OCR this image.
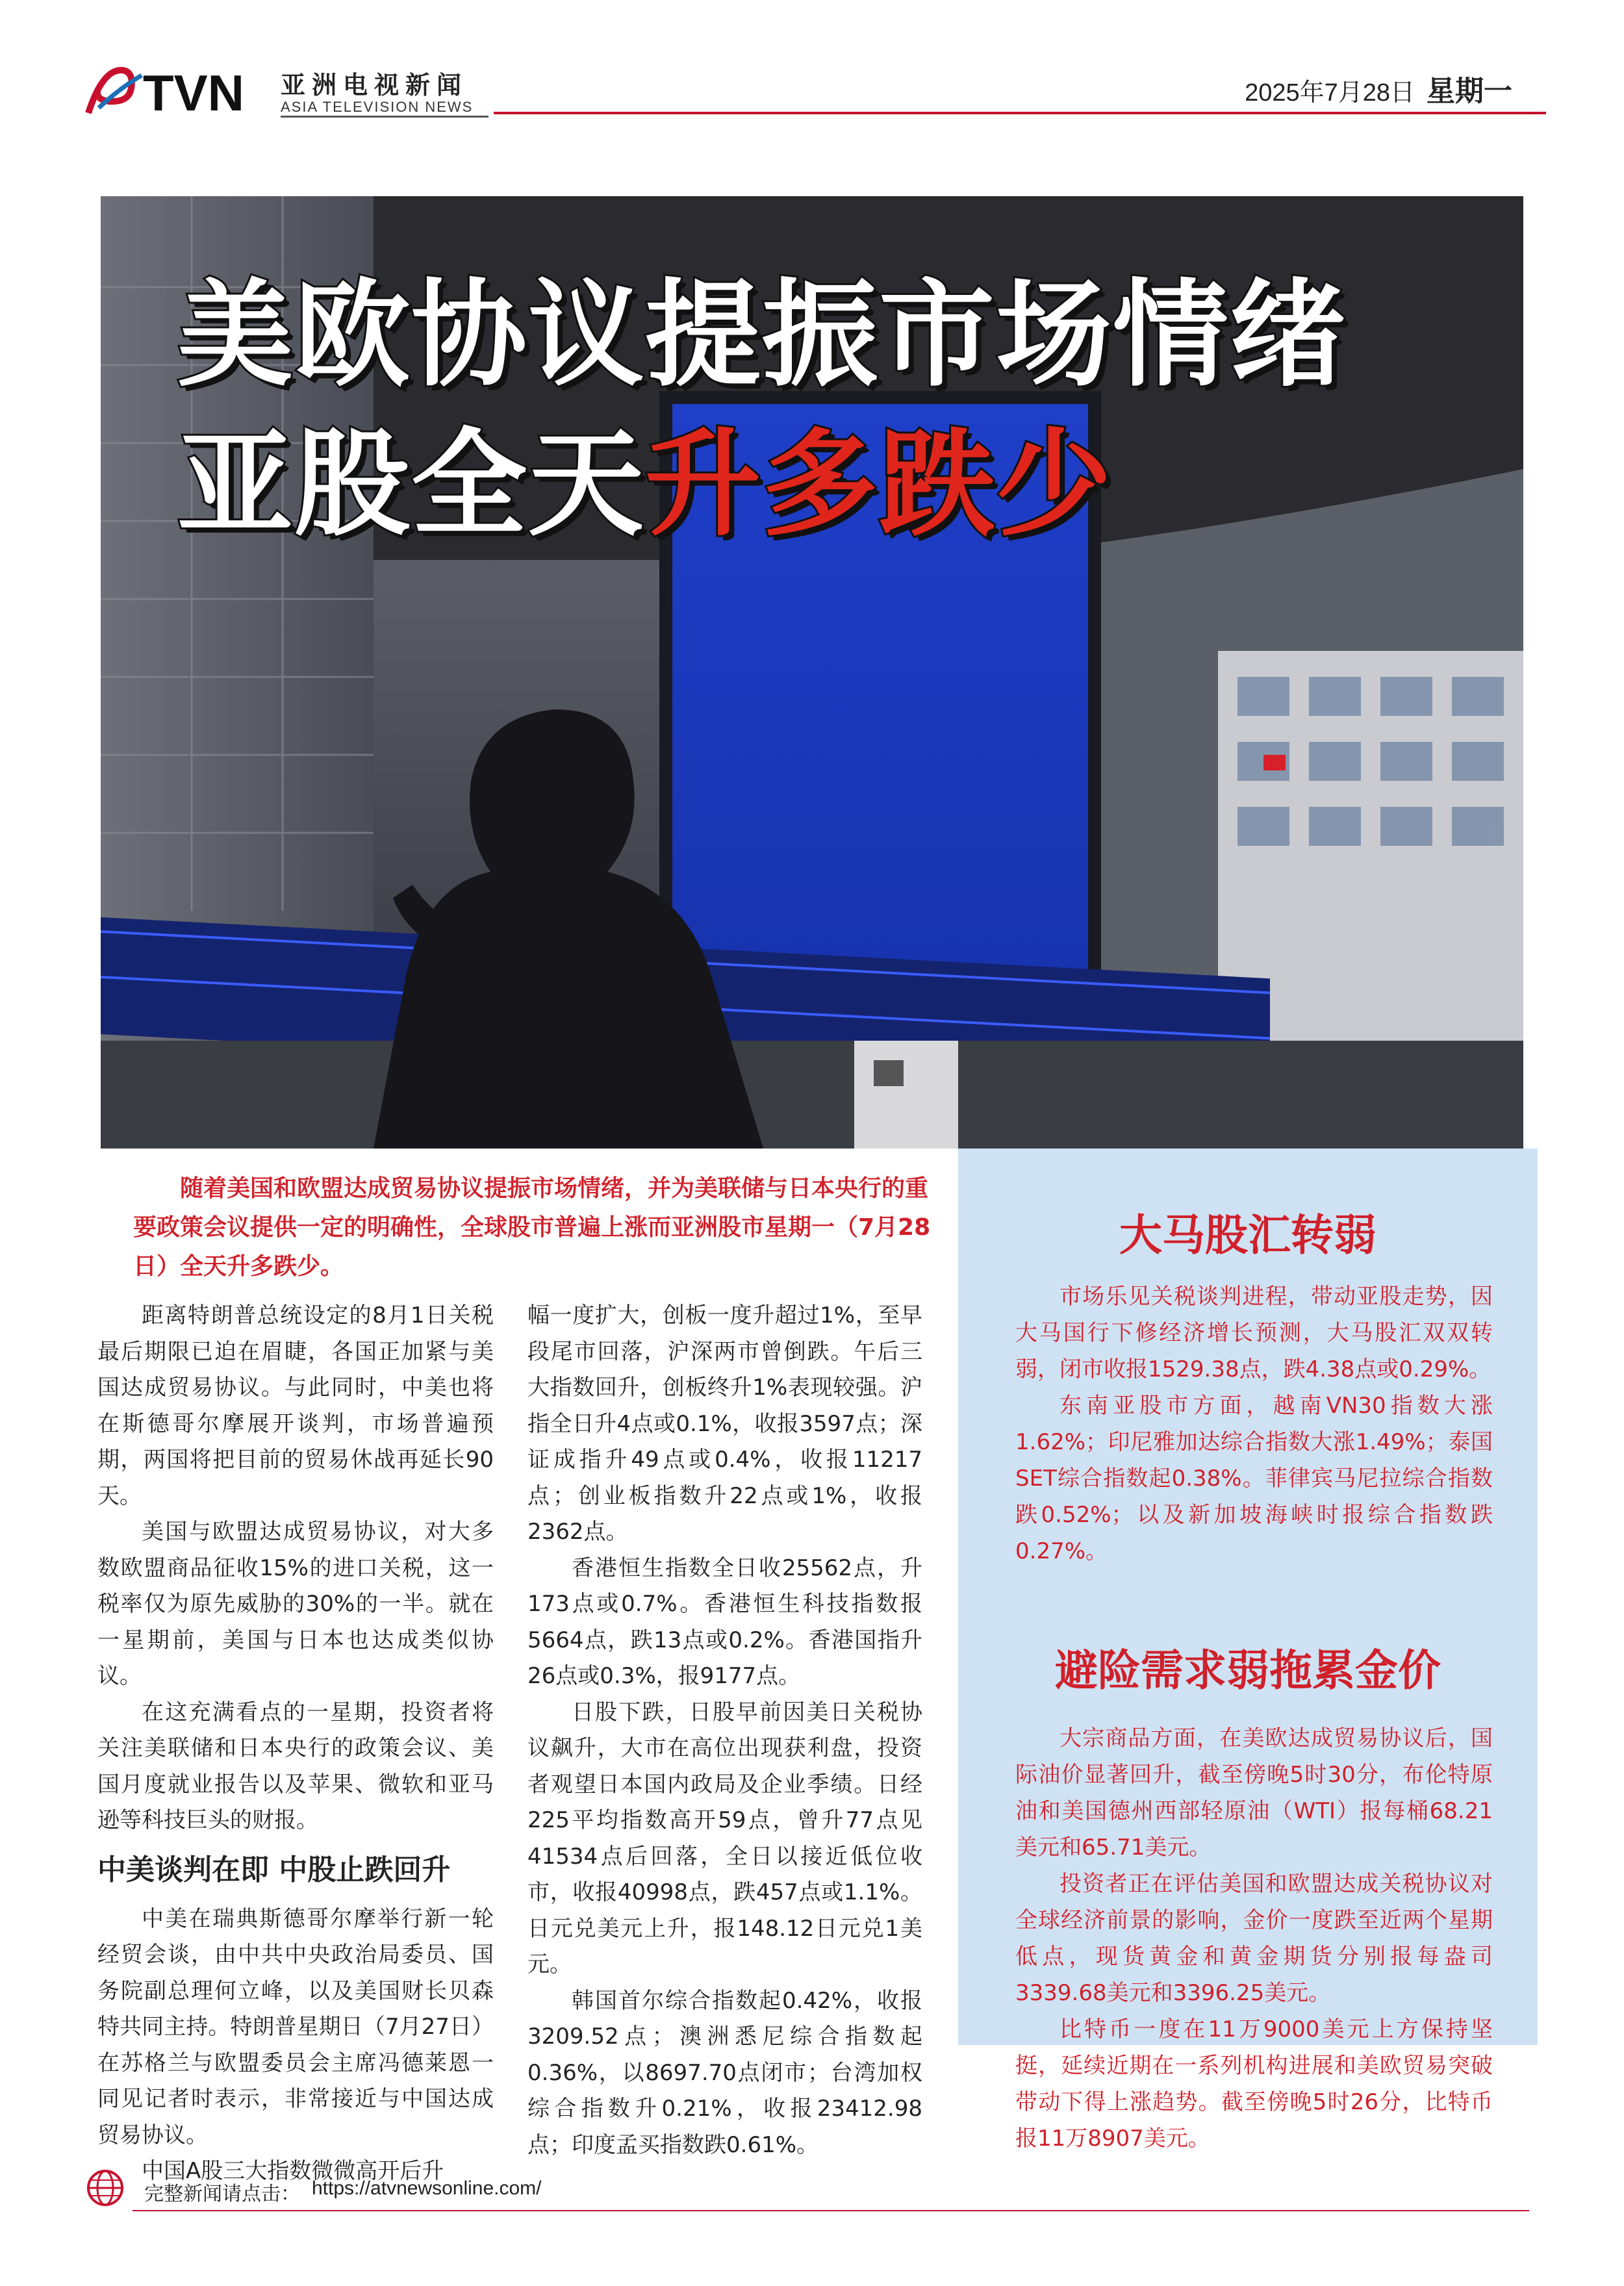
TVN 亚洲电视新闻
ASIA TELEVISION NEWS
2025年7月28日 星期一
美欧协议提振市场情绪
亚股全天升多跌少
随着美国和欧盟达成贸易协议提振市场情绪，并为美联储与日本央行的重要政策会议提供一定的明确性，全球股市普遍上涨而亚洲股市星期一（7月28日）全天升多跌少。

距离特朗普总统设定的8月1日关税最后期限已迫在眉睫，各国正加紧与美国达成贸易协议。与此同时，中美也将在斯德哥尔摩展开谈判，市场普遍预期，两国将把目前的贸易休战再延长90天。

美国与欧盟达成贸易协议，对大多数欧盟商品征收15%的进口关税，这一税率仅为原先威胁的30%的一半。就在一星期前，美国与日本也达成类似协议。

在这充满看点的一星期，投资者将关注美联储和日本央行的政策会议、美国月度就业报告以及苹果、微软和亚马逊等科技巨头的财报。

中美谈判在即 中股止跌回升

中美在瑞典斯德哥尔摩举行新一轮经贸会谈，由中共中央政治局委员、国务院副总理何立峰，以及美国财长贝森特共同主持。特朗普星期日（7月27日）在苏格兰与欧盟委员会主席冯德莱恩一同见记者时表示，非常接近与中国达成贸易协议。

中国A股三大指数微微高开后升

幅一度扩大，创板一度升超过1%，至早段尾市回落，沪深两市曾倒跌。午后三大指数回升，创板终升1%表现较强。沪指全日升4点或0.1%，收报3597点；深证成指升49点或0.4%，收报11217点；创业板指数升22点或1%，收报2362点。

香港恒生指数全日收25562点，升173点或0.7%。香港恒生科技指数报5664点，跌13点或0.2%。香港国指升26点或0.3%，报9177点。

日股下跌，日股早前因美日关税协议飙升，大市在高位出现获利盘，投资者观望日本国内政局及企业季绩。日经225平均指数高开59点，曾升77点见41534点后回落，全日以接近低位收市，收报40998点，跌457点或1.1%。日元兑美元上升，报148.12日元兑1美元。

韩国首尔综合指数起0.42%，收报3209.52点；澳洲悉尼综合指数起0.36%，以8697.70点闭市；台湾加权综合指数升0.21%，收报23412.98点；印度孟买指数跌0.61%。

大马股汇转弱

市场乐见关税谈判进程，带动亚股走势，因大马国行下修经济增长预测，大马股汇双双转弱，闭市收报1529.38点，跌4.38点或0.29%。

东南亚股市方面，越南VN30指数大涨1.62%；印尼雅加达综合指数大涨1.49%；泰国SET综合指数起0.38%。菲律宾马尼拉综合指数跌0.52%；以及新加坡海峡时报综合指数跌0.27%。

避险需求弱拖累金价

大宗商品方面，在美欧达成贸易协议后，国际油价显著回升，截至傍晚5时30分，布伦特原油和美国德州西部轻原油（WTI）报每桶68.21美元和65.71美元。

投资者正在评估美国和欧盟达成关税协议对全球经济前景的影响，金价一度跌至近两个星期低点，现货黄金和黄金期货分别报每盎司3339.68美元和3396.25美元。

比特币一度在11万9000美元上方保持坚挺，延续近期在一系列机构进展和美欧贸易突破带动下得上涨趋势。截至傍晚5时26分，比特币报11万8907美元。

完整新闻请点击： https://atvnewsonline.com/
